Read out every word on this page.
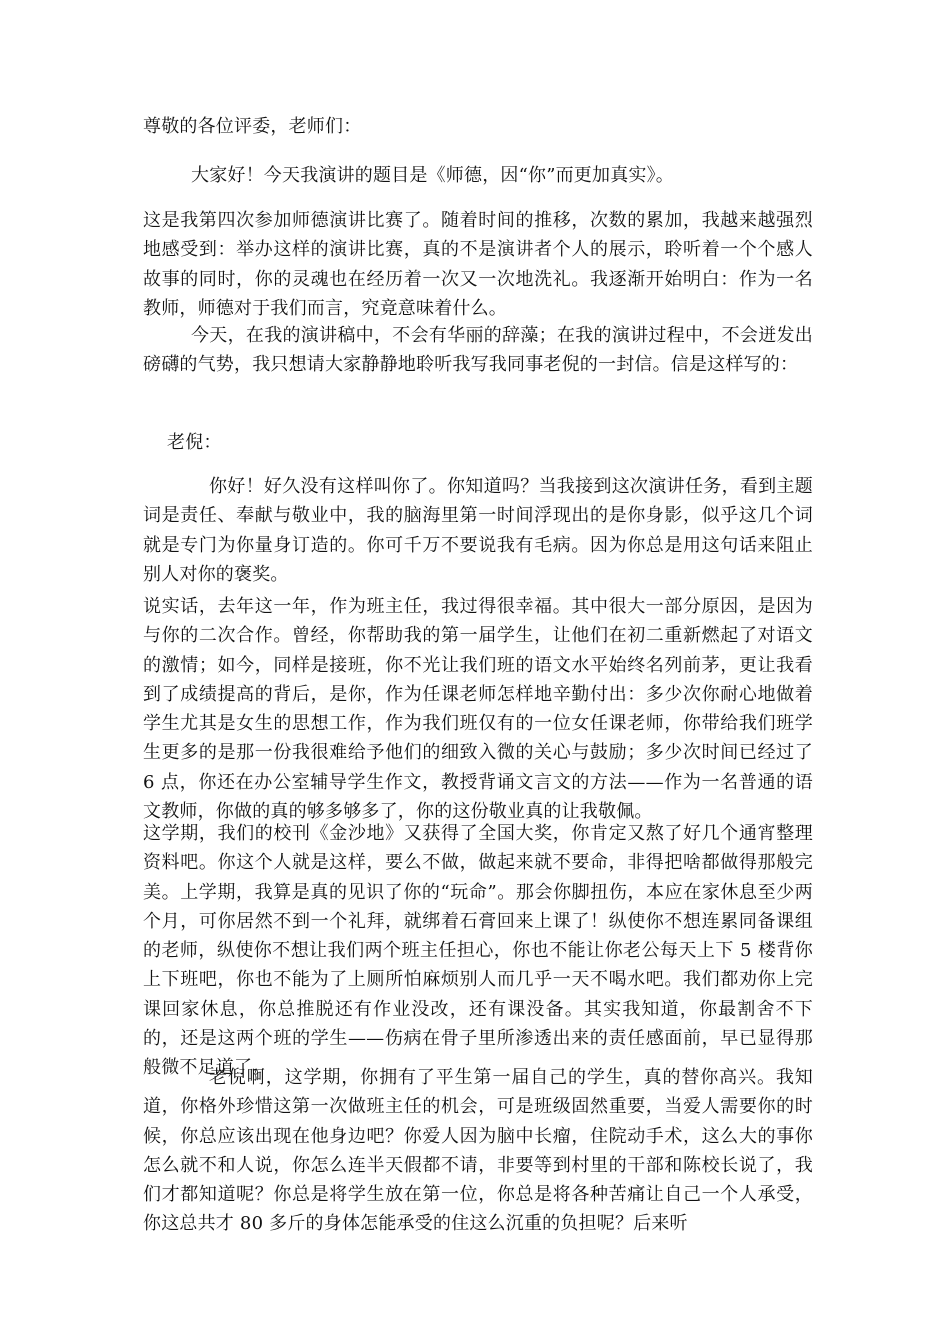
尊敬的各位评委，老师们：

大家好！今天我演讲的题目是《师德，因“你”而更加真实》。

这是我第四次参加师德演讲比赛了。随着时间的推移，次数的累加，我越来越强烈地感受到：举办这样的演讲比赛，真的不是演讲者个人的展示，聆听着一个个感人故事的同时，你的灵魂也在经历着一次又一次地洗礼。我逐渐开始明白：作为一名教师，师德对于我们而言，究竟意味着什么。

今天，在我的演讲稿中，不会有华丽的辞藻；在我的演讲过程中，不会迸发出磅礴的气势，我只想请大家静静地聆听我写我同事老倪的一封信。信是这样写的：

老倪：

你好！好久没有这样叫你了。你知道吗？当我接到这次演讲任务，看到主题词是责任、奉献与敬业中，我的脑海里第一时间浮现出的是你身影，似乎这几个词就是专门为你量身订造的。你可千万不要说我有毛病。因为你总是用这句话来阻止别人对你的褒奖。

说实话，去年这一年，作为班主任，我过得很幸福。其中很大一部分原因，是因为与你的二次合作。曾经，你帮助我的第一届学生，让他们在初二重新燃起了对语文的激情；如今，同样是接班，你不光让我们班的语文水平始终名列前茅，更让我看到了成绩提高的背后，是你，作为任课老师怎样地辛勤付出：多少次你耐心地做着学生尤其是女生的思想工作，作为我们班仅有的一位女任课老师，你带给我们班学生更多的是那一份我很难给予他们的细致入微的关心与鼓励；多少次时间已经过了 6 点，你还在办公室辅导学生作文，教授背诵文言文的方法——作为一名普通的语文教师，你做的真的够多够多了，你的这份敬业真的让我敬佩。

这学期，我们的校刊《金沙地》又获得了全国大奖，你肯定又熬了好几个通宵整理资料吧。你这个人就是这样，要么不做，做起来就不要命，非得把啥都做得那般完美。上学期，我算是真的见识了你的“玩命”。那会你脚扭伤，本应在家休息至少两个月，可你居然不到一个礼拜，就绑着石膏回来上课了！纵使你不想连累同备课组的老师，纵使你不想让我们两个班主任担心，你也不能让你老公每天上下 5 楼背你上下班吧，你也不能为了上厕所怕麻烦别人而几乎一天不喝水吧。我们都劝你上完课回家休息，你总推脱还有作业没改，还有课没备。其实我知道，你最割舍不下的，还是这两个班的学生——伤病在骨子里所渗透出来的责任感面前，早已显得那般微不足道了。

老倪啊，这学期，你拥有了平生第一届自己的学生，真的替你高兴。我知道，你格外珍惜这第一次做班主任的机会，可是班级固然重要，当爱人需要你的时候，你总应该出现在他身边吧？你爱人因为脑中长瘤，住院动手术，这么大的事你怎么就不和人说，你怎么连半天假都不请，非要等到村里的干部和陈校长说了，我们才都知道呢？你总是将学生放在第一位，你总是将各种苦痛让自己一个人承受，你这总共才 80 多斤的身体怎能承受的住这么沉重的负担呢？后来听
